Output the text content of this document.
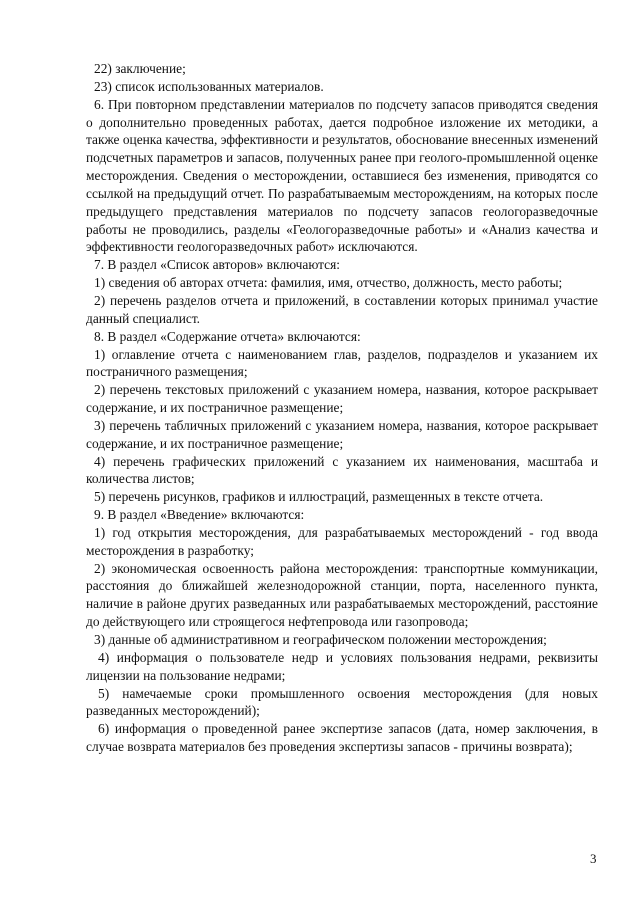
22) заключение;

23) список использованных материалов.

6. При повторном представлении материалов по подсчету запасов приводятся сведения о дополнительно проведенных работах, дается подробное изложение их методики, а также оценка качества, эффективности и результатов, обоснование внесенных изменений подсчетных параметров и запасов, полученных ранее при геолого-промышленной оценке месторождения. Сведения о месторождении, оставшиеся без изменения, приводятся со ссылкой на предыдущий отчет. По разрабатываемым месторождениям, на которых после предыдущего представления материалов по подсчету запасов геологоразведочные работы не проводились, разделы «Геологоразведочные работы» и «Анализ качества и эффективности геологоразведочных работ» исключаются.

7. В раздел «Список авторов» включаются:

1) сведения об авторах отчета: фамилия, имя, отчество, должность, место работы;

2) перечень разделов отчета и приложений, в составлении которых принимал участие данный специалист.

8. В раздел «Содержание отчета» включаются:

1) оглавление отчета с наименованием глав, разделов, подразделов и указанием их постраничного размещения;

2) перечень текстовых приложений с указанием номера, названия, которое раскрывает содержание, и их постраничное размещение;

3) перечень табличных приложений с указанием номера, названия, которое раскрывает содержание, и их постраничное размещение;

4) перечень графических приложений с указанием их наименования, масштаба и количества листов;

5) перечень рисунков, графиков и иллюстраций, размещенных в тексте отчета.

9. В раздел «Введение» включаются:

1) год открытия месторождения, для разрабатываемых месторождений - год ввода месторождения в разработку;

2) экономическая освоенность района месторождения: транспортные коммуникации, расстояния до ближайшей железнодорожной станции, порта, населенного пункта, наличие в районе других разведанных или разрабатываемых месторождений, расстояние до действующего или строящегося нефтепровода или газопровода;

3) данные об административном и географическом положении месторождения;

4) информация о пользователе недр и условиях пользования недрами, реквизиты лицензии на пользование недрами;

5) намечаемые сроки промышленного освоения месторождения (для новых разведанных месторождений);

6) информация о проведенной ранее экспертизе запасов (дата, номер заключения, в случае возврата материалов без проведения экспертизы запасов - причины возврата);

3
